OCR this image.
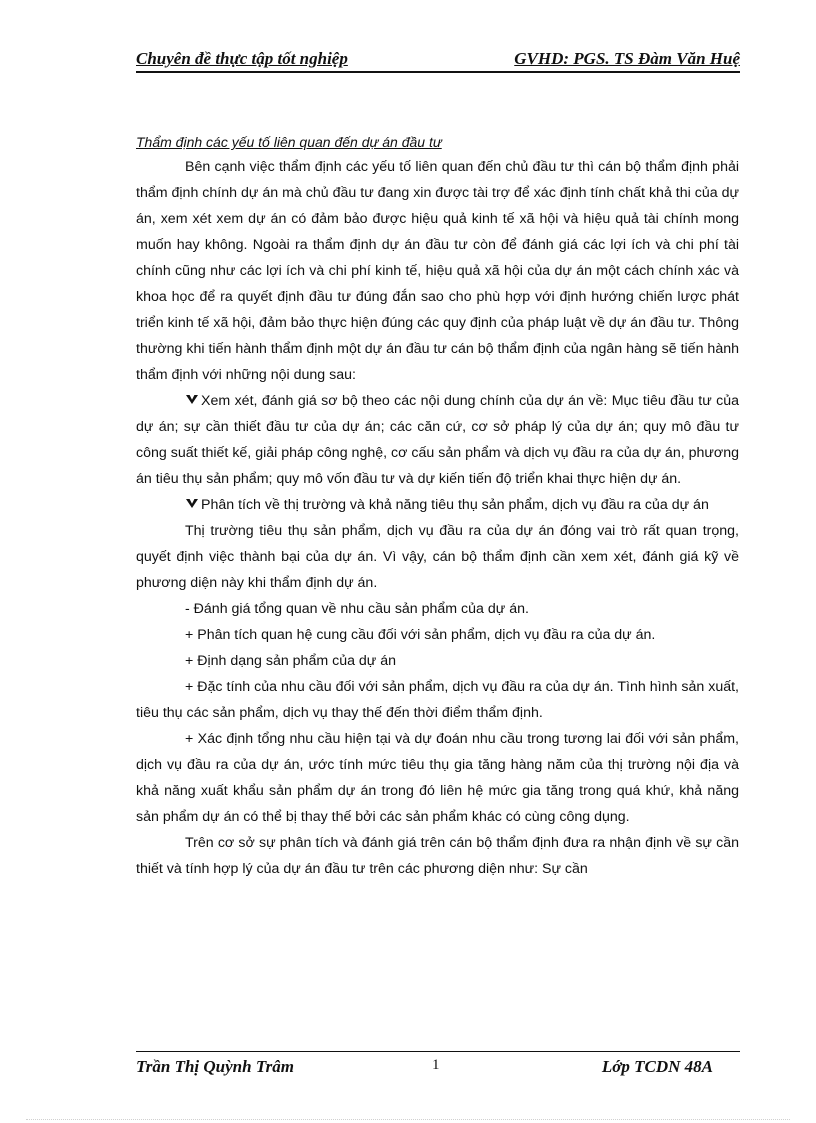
Chuyên đề thực tập tốt nghiệp	GVHD: PGS. TS Đàm Văn Huệ

Thẩm định các yếu tố liên quan đến dự án đầu tư

Bên cạnh việc thẩm định các yếu tố liên quan đến chủ đầu tư thì cán bộ thẩm định phải thẩm định chính dự án mà chủ đầu tư đang xin được tài trợ để xác định tính chất khả thi của dự án, xem xét xem dự án có đảm bảo được hiệu quả kinh tế xã hội và hiệu quả tài chính mong muốn hay không. Ngoài ra thẩm định dự án đầu tư còn để đánh giá các lợi ích và chi phí tài chính cũng như các lợi ích và chi phí kinh tế, hiệu quả xã hội của dự án một cách chính xác và khoa học để ra quyết định đầu tư đúng đắn sao cho phù hợp với định hướng chiến lược phát triển kinh tế xã hội, đảm bảo thực hiện đúng các quy định của pháp luật về dự án đầu tư. Thông thường khi tiến hành thẩm định một dự án đầu tư cán bộ thẩm định của ngân hàng sẽ tiến hành thẩm định với những nội dung sau:

Xem xét, đánh giá sơ bộ theo các nội dung chính của dự án về: Mục tiêu đầu tư của dự án; sự cần thiết đầu tư của dự án; các căn cứ, cơ sở pháp lý của dự án; quy mô đầu tư công suất thiết kế, giải pháp công nghệ, cơ cấu sản phẩm và dịch vụ đầu ra của dự án, phương án tiêu thụ sản phẩm; quy mô vốn đầu tư và dự kiến tiến độ triển khai thực hiện dự án.

Phân tích về thị trường và khả năng tiêu thụ sản phẩm, dịch vụ đầu ra của dự án

Thị trường tiêu thụ sản phẩm, dịch vụ đầu ra của dự án đóng vai trò rất quan trọng, quyết định việc thành bại của dự án. Vì vậy, cán bộ thẩm định cần xem xét, đánh giá kỹ về phương diện này khi thẩm định dự án.

- Đánh giá tổng quan về nhu cầu sản phẩm của dự án.

+ Phân tích quan hệ cung cầu đối với sản phẩm, dịch vụ đầu ra của dự án.

+ Định dạng sản phẩm của dự án

+ Đặc tính của nhu cầu đối với sản phẩm, dịch vụ đầu ra của dự án. Tình hình sản xuất, tiêu thụ các sản phẩm, dịch vụ thay thế đến thời điểm thẩm định.

+ Xác định tổng nhu cầu hiện tại và dự đoán nhu cầu trong tương lai đối với sản phẩm, dịch vụ đầu ra của dự án, ước tính mức tiêu thụ gia tăng hàng năm của thị trường nội địa và khả năng xuất khẩu sản phẩm dự án trong đó liên hệ mức gia tăng trong quá khứ, khả năng sản phẩm dự án có thể bị thay thế bởi các sản phẩm khác có cùng công dụng.

Trên cơ sở sự phân tích và đánh giá trên cán bộ thẩm định đưa ra nhận định về sự cần thiết và tính hợp lý của dự án đầu tư trên các phương diện như: Sự cần

Trần Thị Quỳnh Trâm	1	Lớp TCDN 48A
